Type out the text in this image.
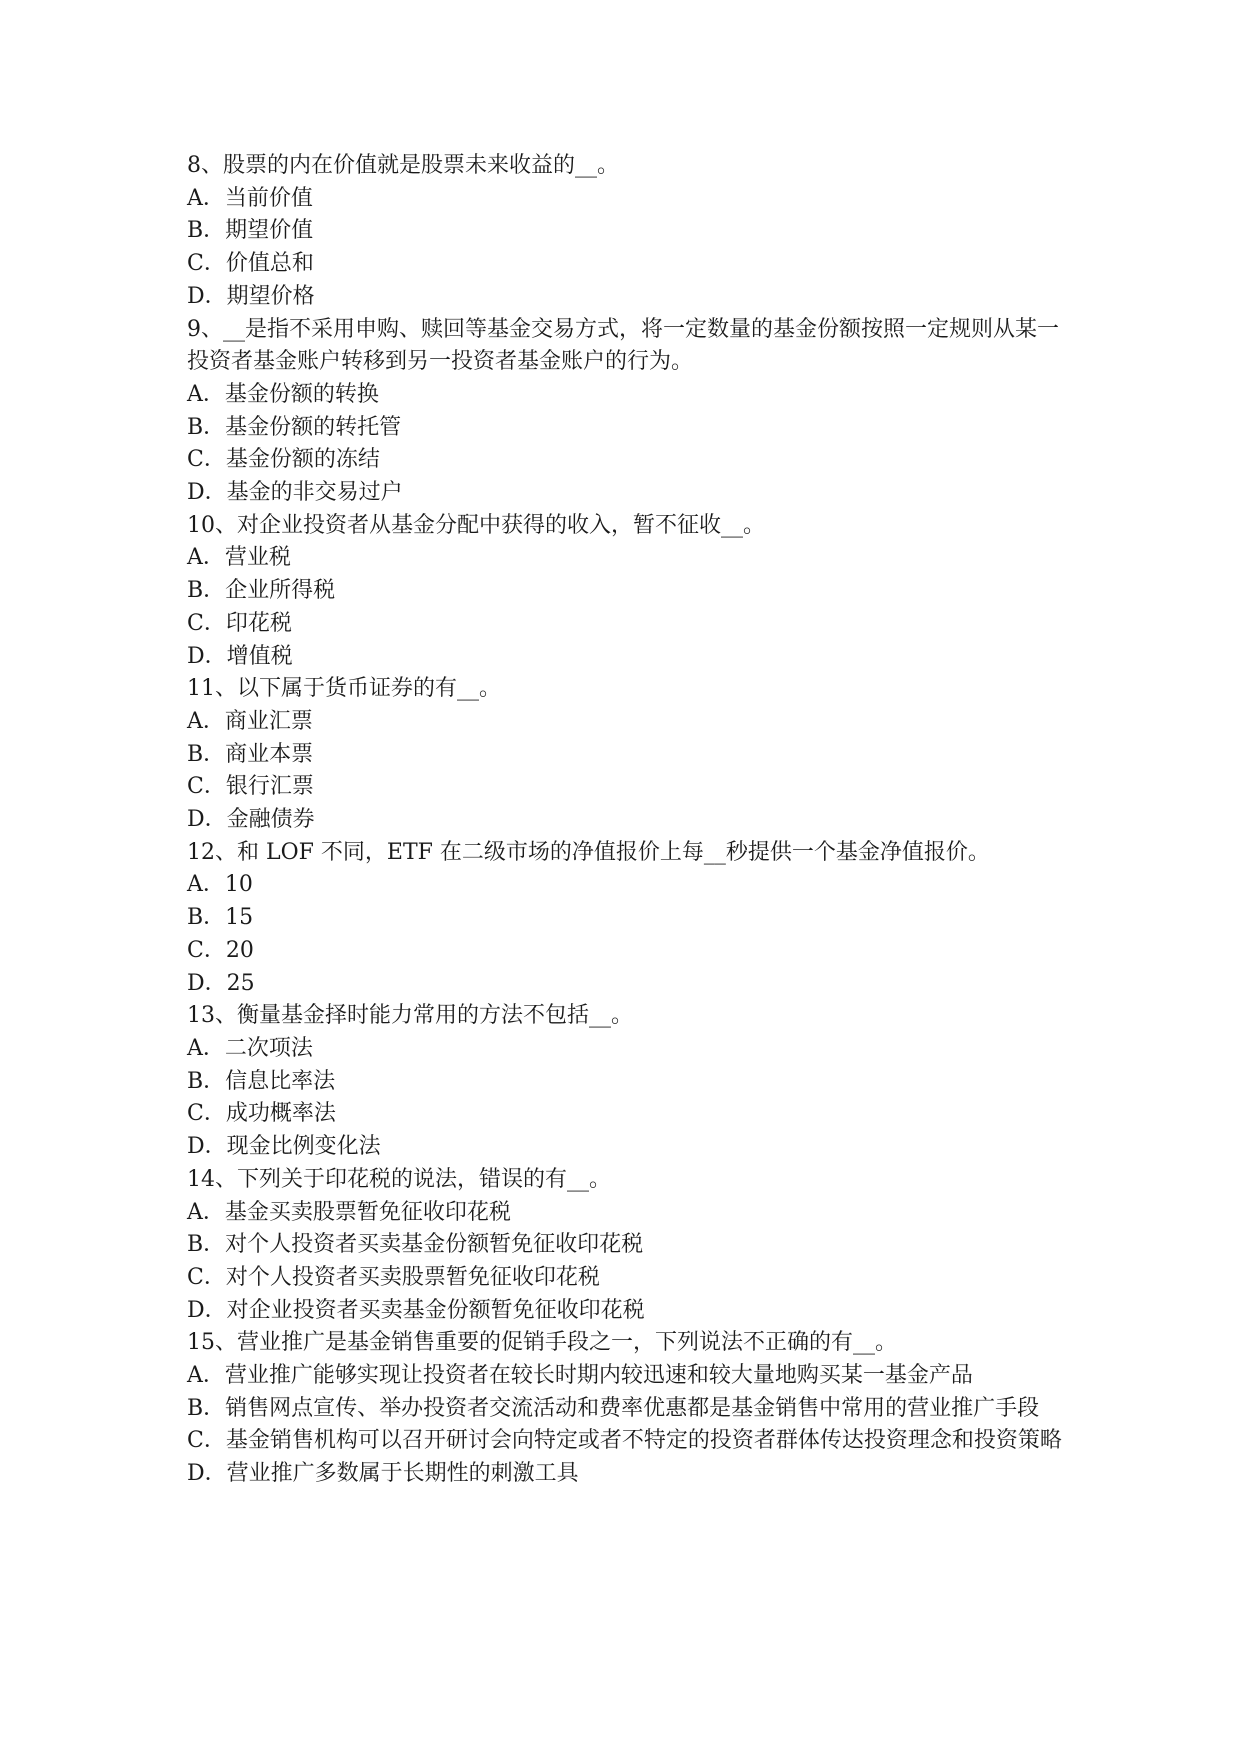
8、股票的内在价值就是股票未来收益的__。

A．当前价值

B．期望价值

C．价值总和

D．期望价格

9、__是指不采用申购、赎回等基金交易方式，将一定数量的基金份额按照一定规则从某一投资者基金账户转移到另一投资者基金账户的行为。

A．基金份额的转换

B．基金份额的转托管

C．基金份额的冻结

D．基金的非交易过户

10、对企业投资者从基金分配中获得的收入，暂不征收__。

A．营业税

B．企业所得税

C．印花税

D．增值税

11、以下属于货币证券的有__。

A．商业汇票

B．商业本票

C．银行汇票

D．金融债券

12、和 LOF 不同，ETF 在二级市场的净值报价上每__秒提供一个基金净值报价。

A．10

B．15

C．20

D．25

13、衡量基金择时能力常用的方法不包括__。

A．二次项法

B．信息比率法

C．成功概率法

D．现金比例变化法

14、下列关于印花税的说法，错误的有__。

A．基金买卖股票暂免征收印花税

B．对个人投资者买卖基金份额暂免征收印花税

C．对个人投资者买卖股票暂免征收印花税

D．对企业投资者买卖基金份额暂免征收印花税

15、营业推广是基金销售重要的促销手段之一，下列说法不正确的有__。

A．营业推广能够实现让投资者在较长时期内较迅速和较大量地购买某一基金产品

B．销售网点宣传、举办投资者交流活动和费率优惠都是基金销售中常用的营业推广手段

C．基金销售机构可以召开研讨会向特定或者不特定的投资者群体传达投资理念和投资策略

D．营业推广多数属于长期性的刺激工具
